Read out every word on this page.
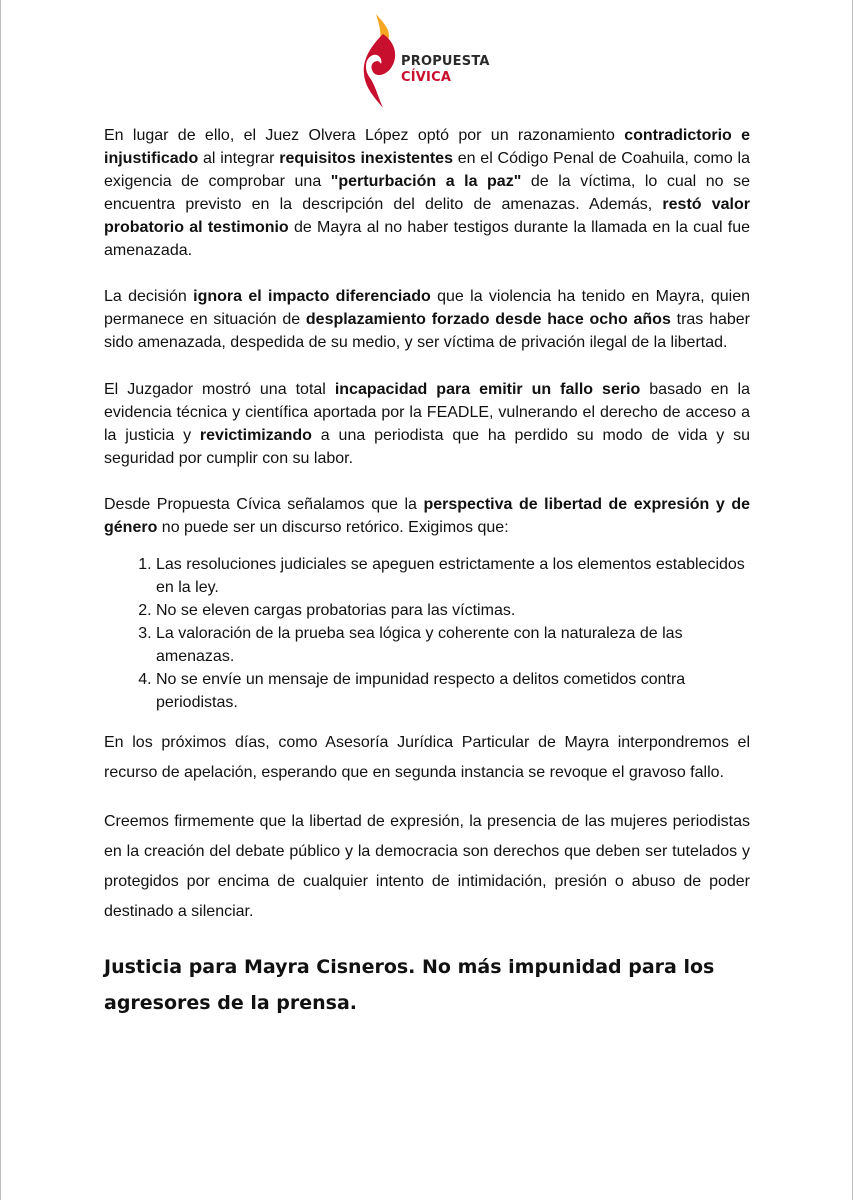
PROPUESTA
CÍVICA

En lugar de ello, el Juez Olvera López optó por un razonamiento contradictorio e injustificado al integrar requisitos inexistentes en el Código Penal de Coahuila, como la exigencia de comprobar una "perturbación a la paz" de la víctima, lo cual no se encuentra previsto en la descripción del delito de amenazas. Además, restó valor probatorio al testimonio de Mayra al no haber testigos durante la llamada en la cual fue amenazada.

La decisión ignora el impacto diferenciado que la violencia ha tenido en Mayra, quien permanece en situación de desplazamiento forzado desde hace ocho años tras haber sido amenazada, despedida de su medio, y ser víctima de privación ilegal de la libertad.

El Juzgador mostró una total incapacidad para emitir un fallo serio basado en la evidencia técnica y científica aportada por la FEADLE, vulnerando el derecho de acceso a la justicia y revictimizando a una periodista que ha perdido su modo de vida y su seguridad por cumplir con su labor.

Desde Propuesta Cívica señalamos que la perspectiva de libertad de expresión y de género no puede ser un discurso retórico. Exigimos que:

1. Las resoluciones judiciales se apeguen estrictamente a los elementos establecidos en la ley.
2. No se eleven cargas probatorias para las víctimas.
3. La valoración de la prueba sea lógica y coherente con la naturaleza de las amenazas.
4. No se envíe un mensaje de impunidad respecto a delitos cometidos contra periodistas.

En los próximos días, como Asesoría Jurídica Particular de Mayra interpondremos el recurso de apelación, esperando que en segunda instancia se revoque el gravoso fallo.

Creemos firmemente que la libertad de expresión, la presencia de las mujeres periodistas en la creación del debate público y la democracia son derechos que deben ser tutelados y protegidos por encima de cualquier intento de intimidación, presión o abuso de poder destinado a silenciar.

Justicia para Mayra Cisneros. No más impunidad para los agresores de la prensa.
